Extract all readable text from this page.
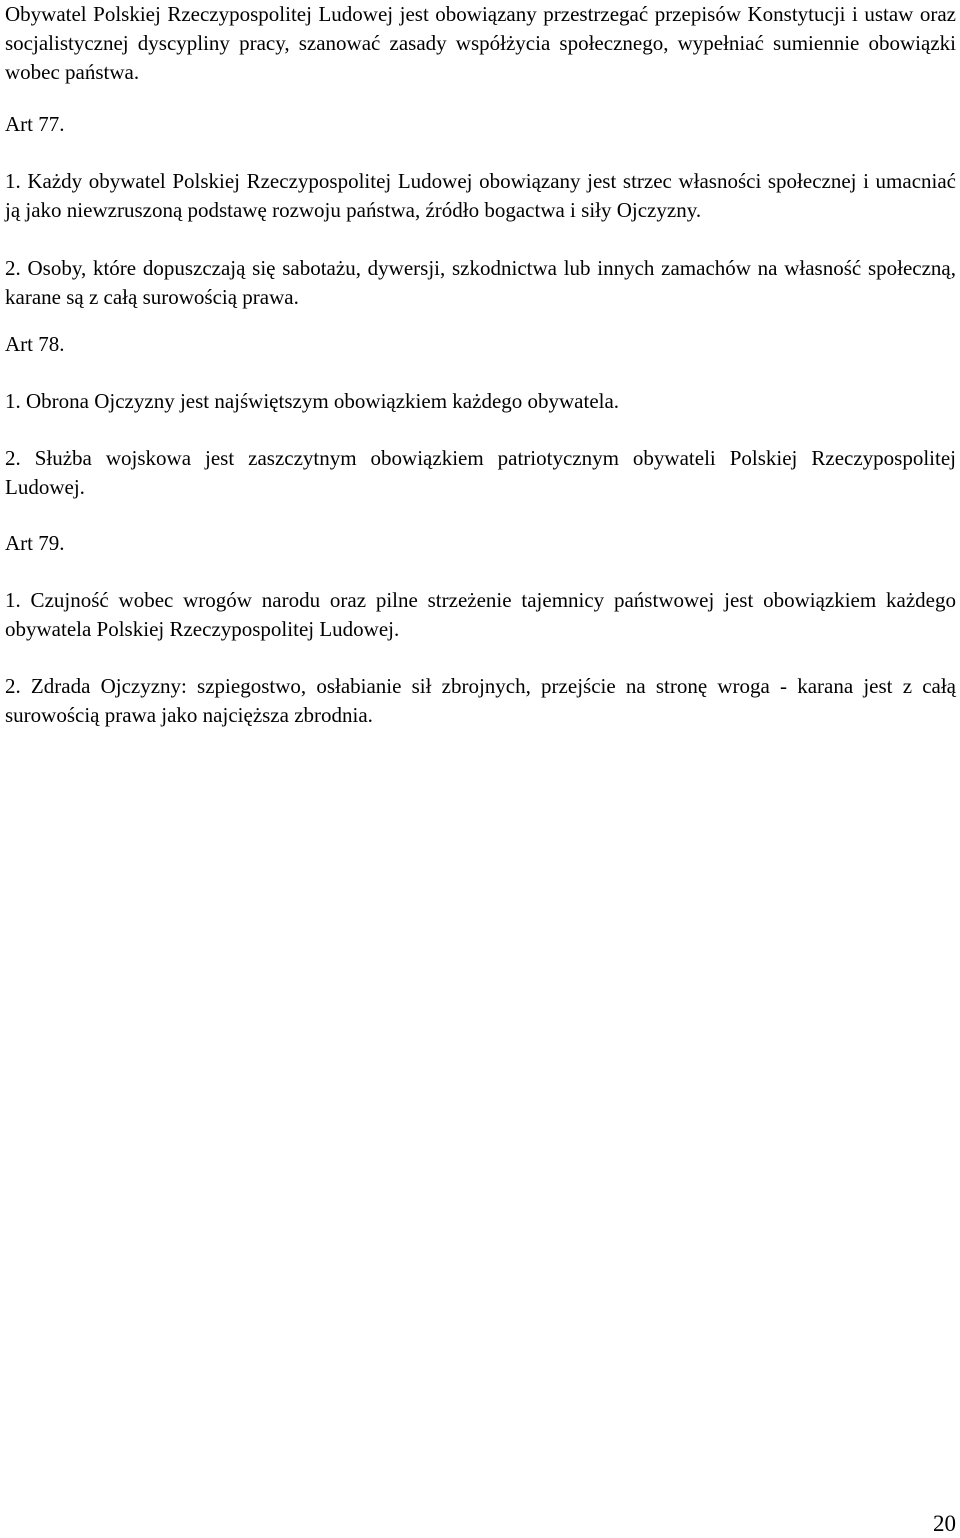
Obywatel Polskiej Rzeczypospolitej Ludowej jest obowiązany przestrzegać przepisów Konstytucji i ustaw oraz socjalistycznej dyscypliny pracy, szanować zasady współżycia społecznego, wypełniać sumiennie obowiązki wobec państwa.

Art 77.

1. Każdy obywatel Polskiej Rzeczypospolitej Ludowej obowiązany jest strzec własności społecznej i umacniać ją jako niewzruszoną podstawę rozwoju państwa, źródło bogactwa i siły Ojczyzny.

2. Osoby, które dopuszczają się sabotażu, dywersji, szkodnictwa lub innych zamachów na własność społeczną, karane są z całą surowością prawa.

Art 78.

1. Obrona Ojczyzny jest najświętszym obowiązkiem każdego obywatela.

2. Służba wojskowa jest zaszczytnym obowiązkiem patriotycznym obywateli Polskiej Rzeczypospolitej Ludowej.

Art 79.

1. Czujność wobec wrogów narodu oraz pilne strzeżenie tajemnicy państwowej jest obowiązkiem każdego obywatela Polskiej Rzeczypospolitej Ludowej.

2. Zdrada Ojczyzny: szpiegostwo, osłabianie sił zbrojnych, przejście na stronę wroga - karana jest z całą surowością prawa jako najcięższa zbrodnia.

20
